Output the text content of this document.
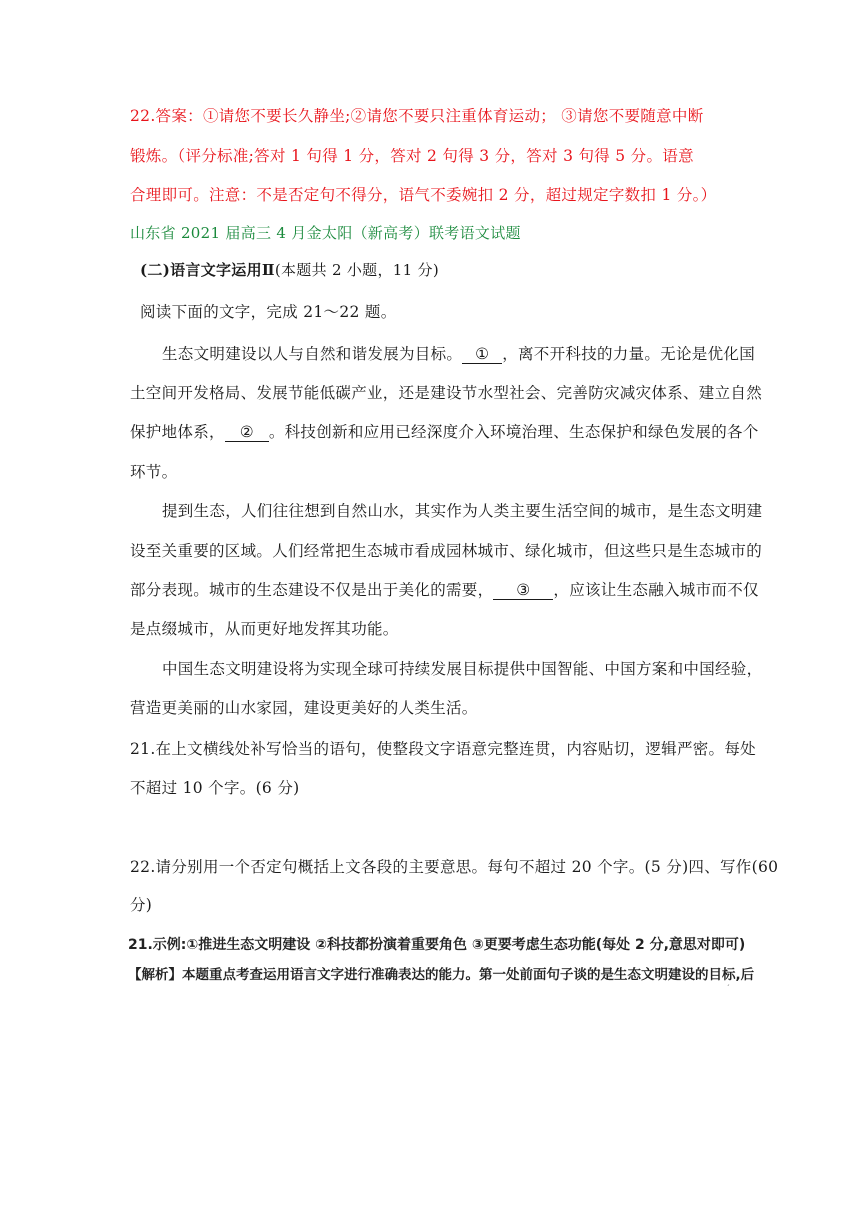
22.答案：①请您不要长久静坐;②请您不要只注重体育运动； ③请您不要随意中断
锻炼。（评分标准;答对 1 句得 1 分，答对 2 句得 3 分，答对 3 句得 5 分。语意
合理即可。注意：不是否定句不得分，语气不委婉扣 2 分，超过规定字数扣 1 分。）
山东省 2021 届高三 4 月金太阳（新高考）联考语文试题
(二)语言文字运用Ⅱ(本题共 2 小题，11 分)
阅读下面的文字，完成 21～22 题。
生态文明建设以人与自然和谐发展为目标。 ① ，离不开科技的力量。无论是优化国
土空间开发格局、发展节能低碳产业，还是建设节水型社会、完善防灾减灾体系、建立自然
保护地体系， ② 。科技创新和应用已经深度介入环境治理、生态保护和绿色发展的各个
环节。
提到生态，人们往往想到自然山水，其实作为人类主要生活空间的城市，是生态文明建
设至关重要的区域。人们经常把生态城市看成园林城市、绿化城市，但这些只是生态城市的
部分表现。城市的生态建设不仅是出于美化的需要， ③ ，应该让生态融入城市而不仅
是点缀城市，从而更好地发挥其功能。
中国生态文明建设将为实现全球可持续发展目标提供中国智能、中国方案和中国经验，
营造更美丽的山水家园，建设更美好的人类生活。
21.在上文横线处补写恰当的语句，使整段文字语意完整连贯，内容贴切，逻辑严密。每处
不超过 10 个字。(6 分)
22.请分别用一个否定句概括上文各段的主要意思。每句不超过 20 个字。(5 分)四、写作(60
分)
21.示例:①推进生态文明建设 ②科技都扮演着重要角色 ③更要考虑生态功能(每处 2 分,意思对即可)
【解析】本题重点考查运用语言文字进行准确表达的能力。第一处前面句子谈的是生态文明建设的目标,后
ˊ
